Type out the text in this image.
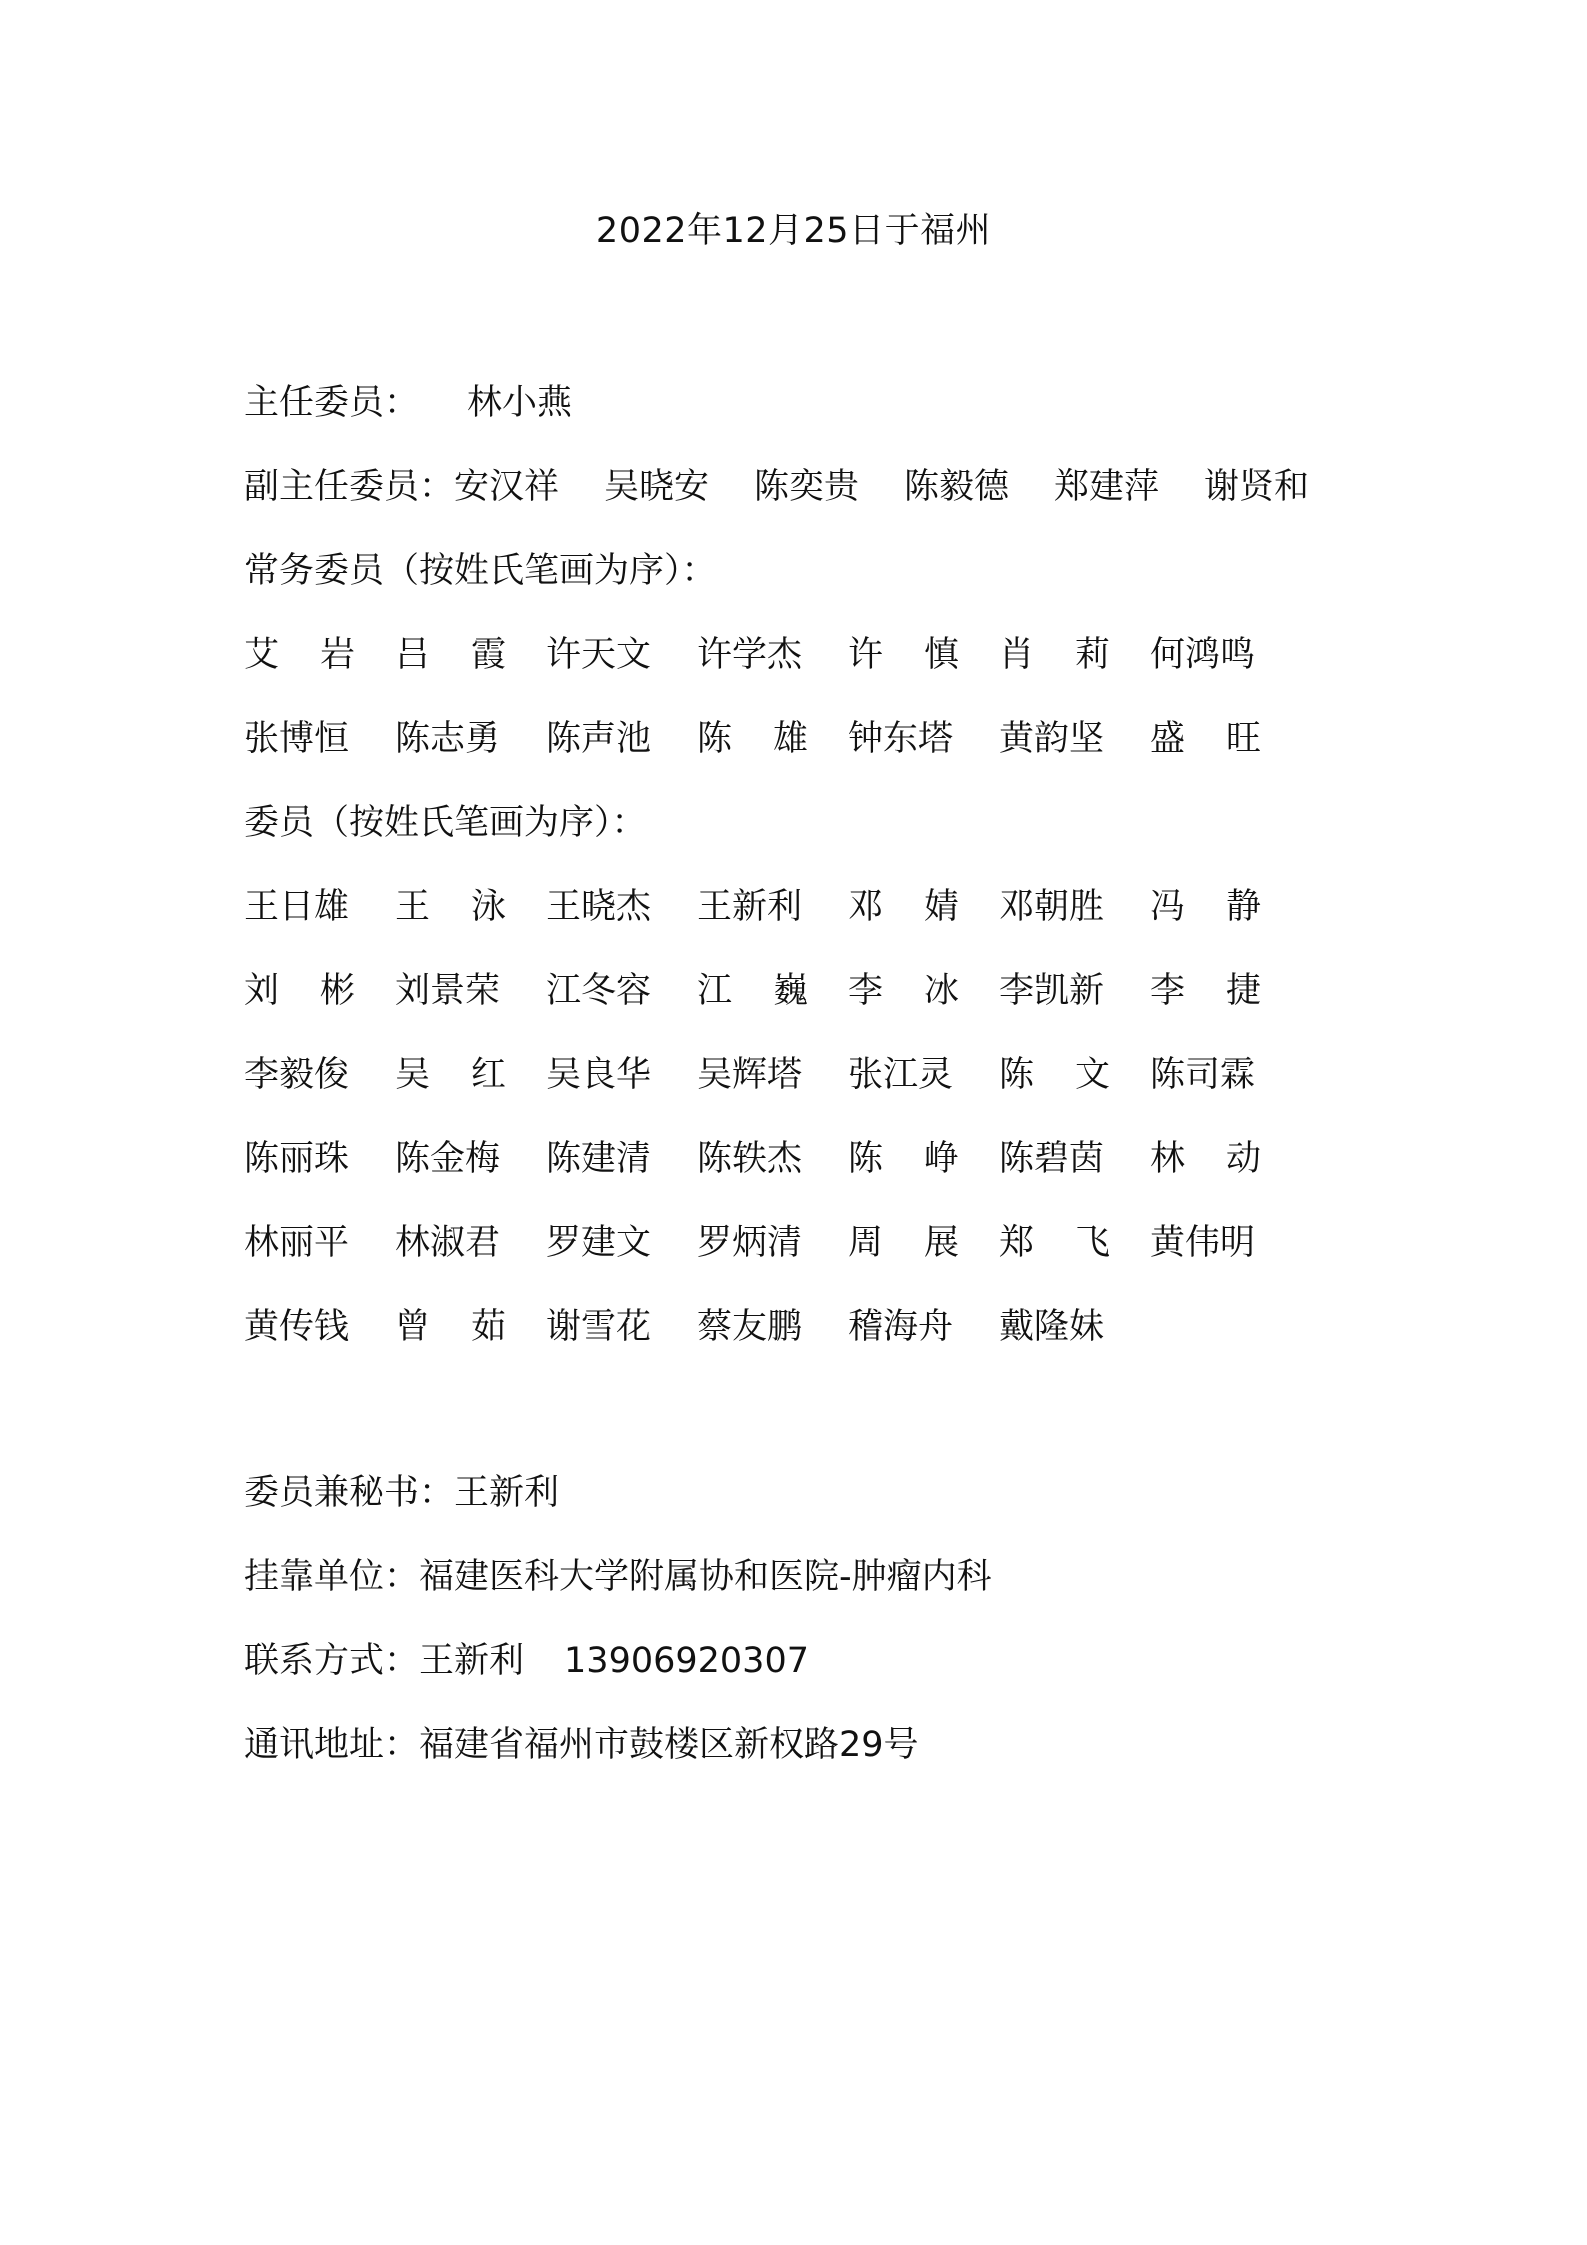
2022年12月25日于福州
主任委员： 林小燕
副主任委员：安汉祥 吴晓安 陈奕贵 陈毅德 郑建萍 谢贤和
常务委员（按姓氏笔画为序）：
艾 岩 吕 霞 许天文 许学杰 许 慎 肖 莉 何鸿鸣
张博恒 陈志勇 陈声池 陈 雄 钟东塔 黄韵坚 盛 旺
委员（按姓氏笔画为序）：
王日雄 王 泳 王晓杰 王新利 邓 婧 邓朝胜 冯 静
刘 彬 刘景荣 江冬容 江 巍 李 冰 李凯新 李 捷
李毅俊 吴 红 吴良华 吴辉塔 张江灵 陈 文 陈司霖
陈丽珠 陈金梅 陈建清 陈轶杰 陈 峥 陈碧茵 林 动
林丽平 林淑君 罗建文 罗炳清 周 展 郑 飞 黄伟明
黄传钱 曾 茹 谢雪花 蔡友鹏 稽海舟 戴隆妹
委员兼秘书：王新利
挂靠单位：福建医科大学附属协和医院-肿瘤内科
联系方式：王新利 13906920307
通讯地址：福建省福州市鼓楼区新权路29号
